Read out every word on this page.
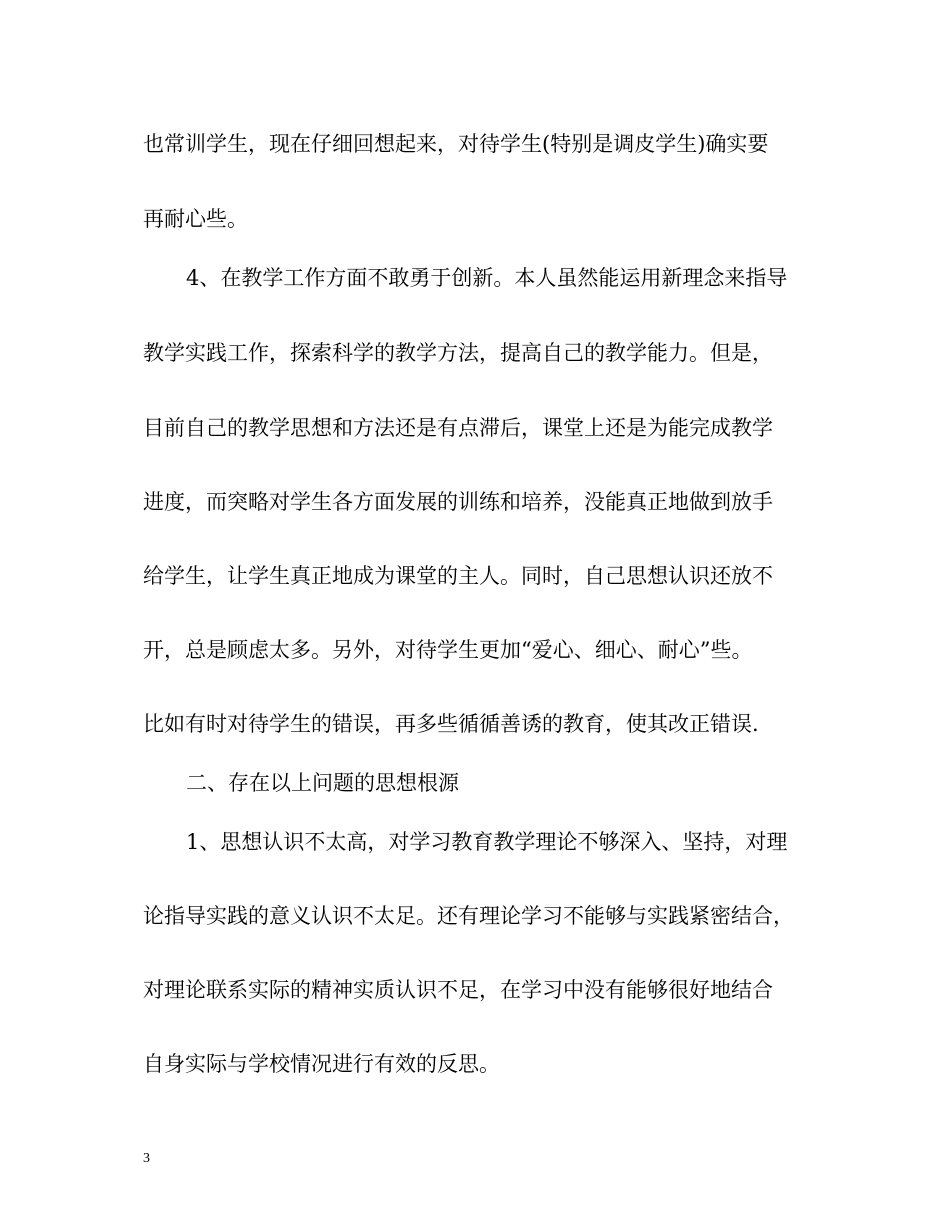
也常训学生，现在仔细回想起来，对待学生(特别是调皮学生)确实要
再耐心些。
4、在教学工作方面不敢勇于创新。本人虽然能运用新理念来指导
教学实践工作，探索科学的教学方法，提高自己的教学能力。但是，
目前自己的教学思想和方法还是有点滞后，课堂上还是为能完成教学
进度，而突略对学生各方面发展的训练和培养，没能真正地做到放手
给学生，让学生真正地成为课堂的主人。同时，自己思想认识还放不
开，总是顾虑太多。另外，对待学生更加“爱心、细心、耐心”些。
比如有时对待学生的错误，再多些循循善诱的教育，使其改正错误.
二、存在以上问题的思想根源
1、思想认识不太高，对学习教育教学理论不够深入、坚持，对理
论指导实践的意义认识不太足。还有理论学习不能够与实践紧密结合，
对理论联系实际的精神实质认识不足，在学习中没有能够很好地结合
自身实际与学校情况进行有效的反思。
3
